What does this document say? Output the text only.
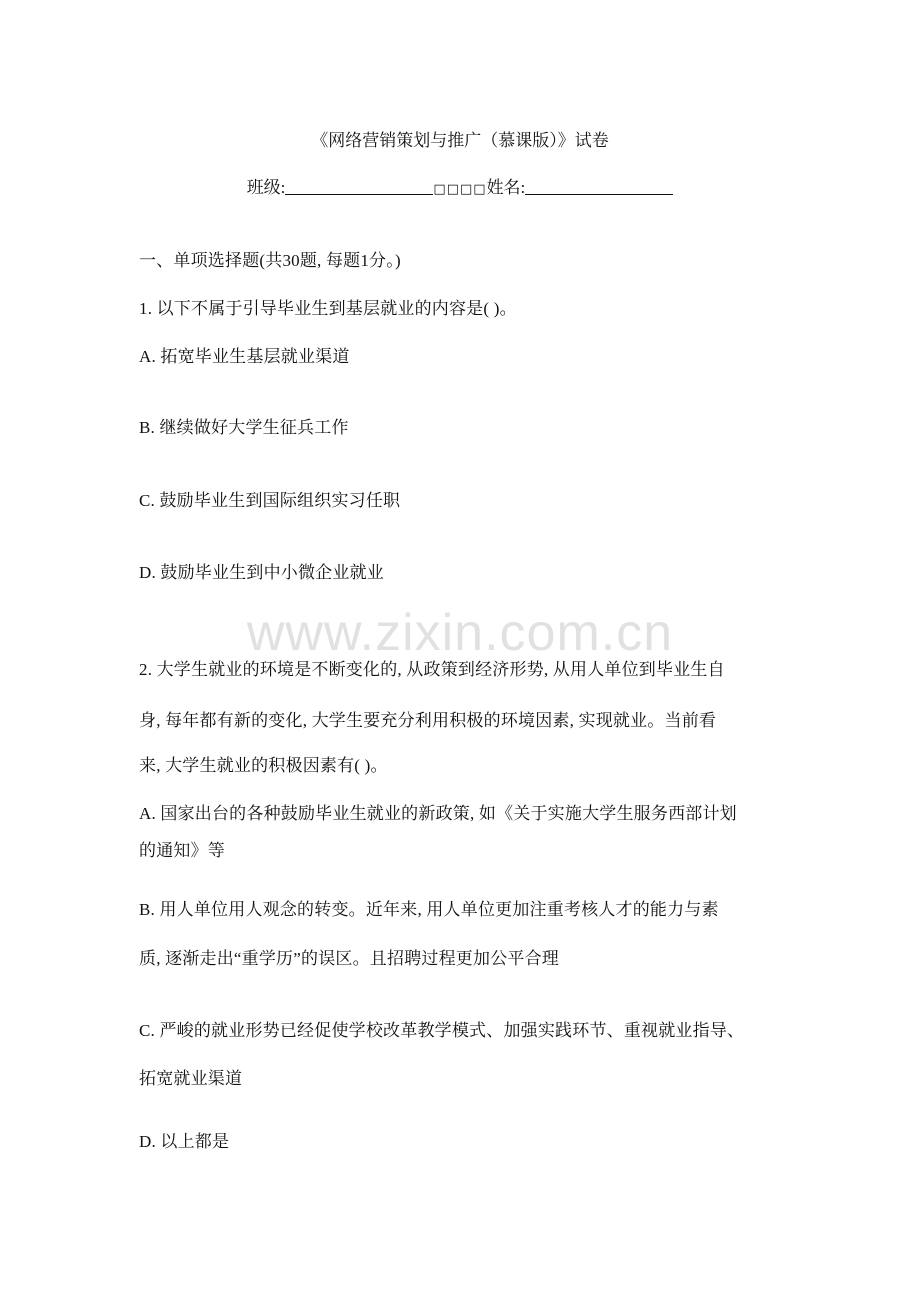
《网络营销策划与推广（慕课版）》试卷
班级:	□□□□姓名:
一、单项选择题(共30题, 每题1分。)
1. 以下不属于引导毕业生到基层就业的内容是( )。
A. 拓宽毕业生基层就业渠道
B. 继续做好大学生征兵工作
C. 鼓励毕业生到国际组织实习任职
D. 鼓励毕业生到中小微企业就业
www.zixin.com.cn
2. 大学生就业的环境是不断变化的, 从政策到经济形势, 从用人单位到毕业生自
身, 每年都有新的变化, 大学生要充分利用积极的环境因素, 实现就业。当前看
来, 大学生就业的积极因素有( )。
A. 国家出台的各种鼓励毕业生就业的新政策, 如《关于实施大学生服务西部计划
的通知》等
B. 用人单位用人观念的转变。近年来, 用人单位更加注重考核人才的能力与素
质, 逐渐走出“重学历”的误区。且招聘过程更加公平合理
C. 严峻的就业形势已经促使学校改革教学模式、加强实践环节、重视就业指导、
拓宽就业渠道
D. 以上都是
